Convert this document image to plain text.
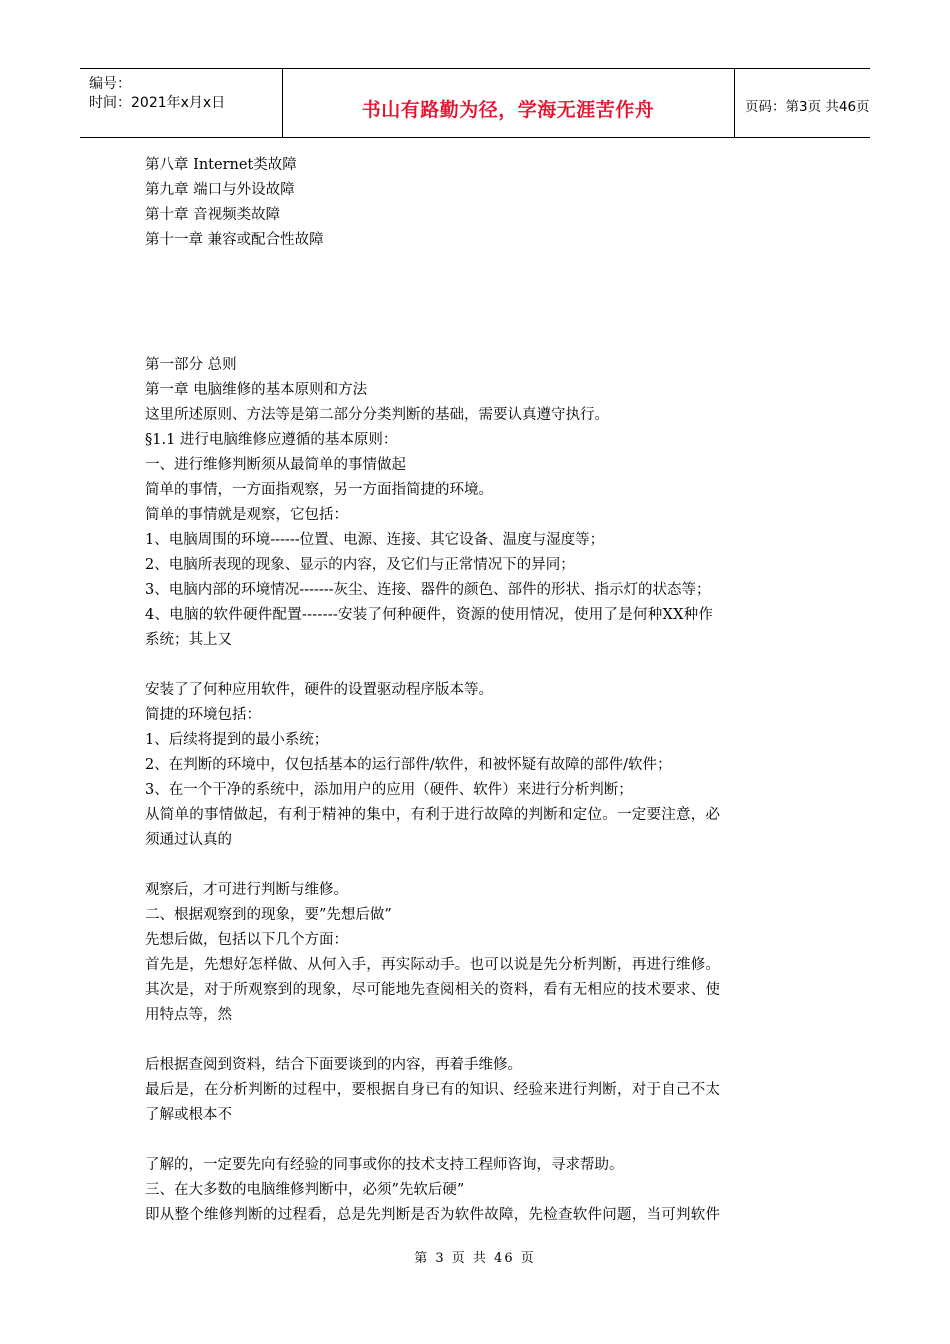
编号：
时间：2021年x月x日	书山有路勤为径，学海无涯苦作舟	页码：第3页 共46页
第八章 Internet类故障
第九章 端口与外设故障
第十章 音视频类故障
第十一章 兼容或配合性故障
第一部分 总则
第一章 电脑维修的基本原则和方法
这里所述原则、方法等是第二部分分类判断的基础，需要认真遵守执行。
§1.1 进行电脑维修应遵循的基本原则：
一、进行维修判断须从最简单的事情做起
简单的事情，一方面指观察，另一方面指简捷的环境。
简单的事情就是观察，它包括：
1、电脑周围的环境------位置、电源、连接、其它设备、温度与湿度等；
2、电脑所表现的现象、显示的内容，及它们与正常情况下的异同；
3、电脑内部的环境情况-------灰尘、连接、器件的颜色、部件的形状、指示灯的状态等；
4、电脑的软件硬件配置-------安装了何种硬件，资源的使用情况，使用了是何种XX种作
系统；其上又
安装了了何种应用软件，硬件的设置驱动程序版本等。
简捷的环境包括：
1、后续将提到的最小系统；
2、在判断的环境中，仅包括基本的运行部件/软件，和被怀疑有故障的部件/软件；
3、在一个干净的系统中，添加用户的应用（硬件、软件）来进行分析判断；
从简单的事情做起，有利于精神的集中，有利于进行故障的判断和定位。一定要注意，必
须通过认真的
观察后，才可进行判断与维修。
二、根据观察到的现象，要”先想后做”
先想后做，包括以下几个方面：
首先是，先想好怎样做、从何入手，再实际动手。也可以说是先分析判断，再进行维修。
其次是，对于所观察到的现象，尽可能地先查阅相关的资料，看有无相应的技术要求、使
用特点等，然
后根据查阅到资料，结合下面要谈到的内容，再着手维修。
最后是，在分析判断的过程中，要根据自身已有的知识、经验来进行判断，对于自己不太
了解或根本不
了解的，一定要先向有经验的同事或你的技术支持工程师咨询，寻求帮助。
三、在大多数的电脑维修判断中，必须”先软后硬”
即从整个维修判断的过程看，总是先判断是否为软件故障，先检查软件问题，当可判软件
第 3 页 共 46 页
